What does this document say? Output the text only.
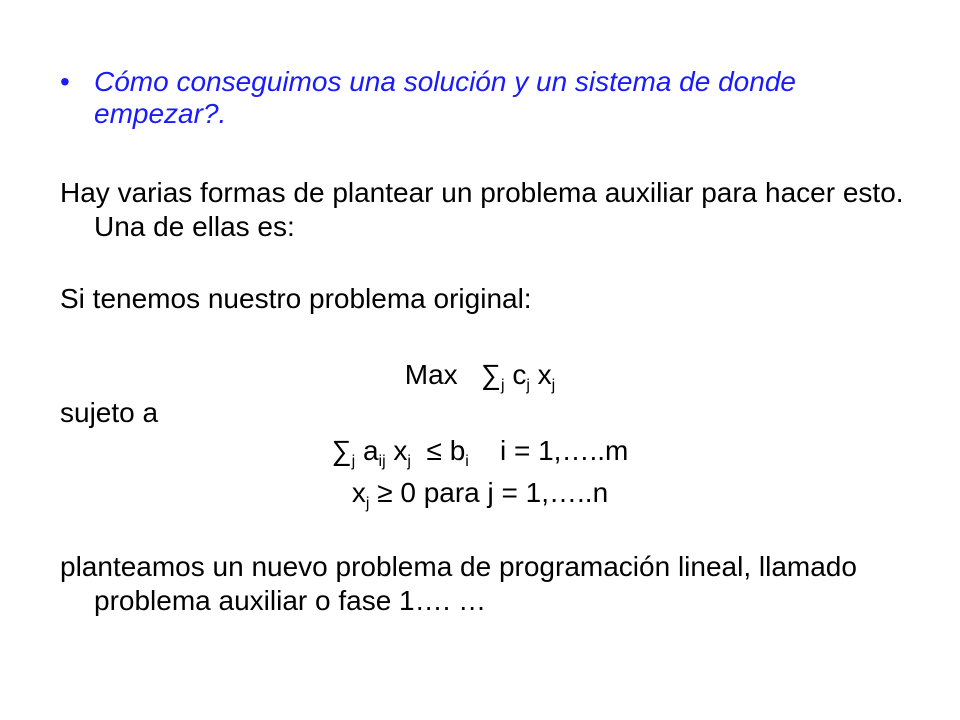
• Cómo conseguimos una solución y un sistema de donde empezar?.
Hay varias formas de plantear un problema auxiliar para hacer esto. Una de ellas es:
Si tenemos nuestro problema original:
Max $\sum_j$ $c_j$ $x_j$
sujeto a
$\sum_j$ $a_{ij}$ $x_j \le b_i$ i = 1,…..m
$x_j \ge 0$ para j = 1,…..n
planteamos un nuevo problema de programación lineal, llamado problema auxiliar o fase 1…. …
